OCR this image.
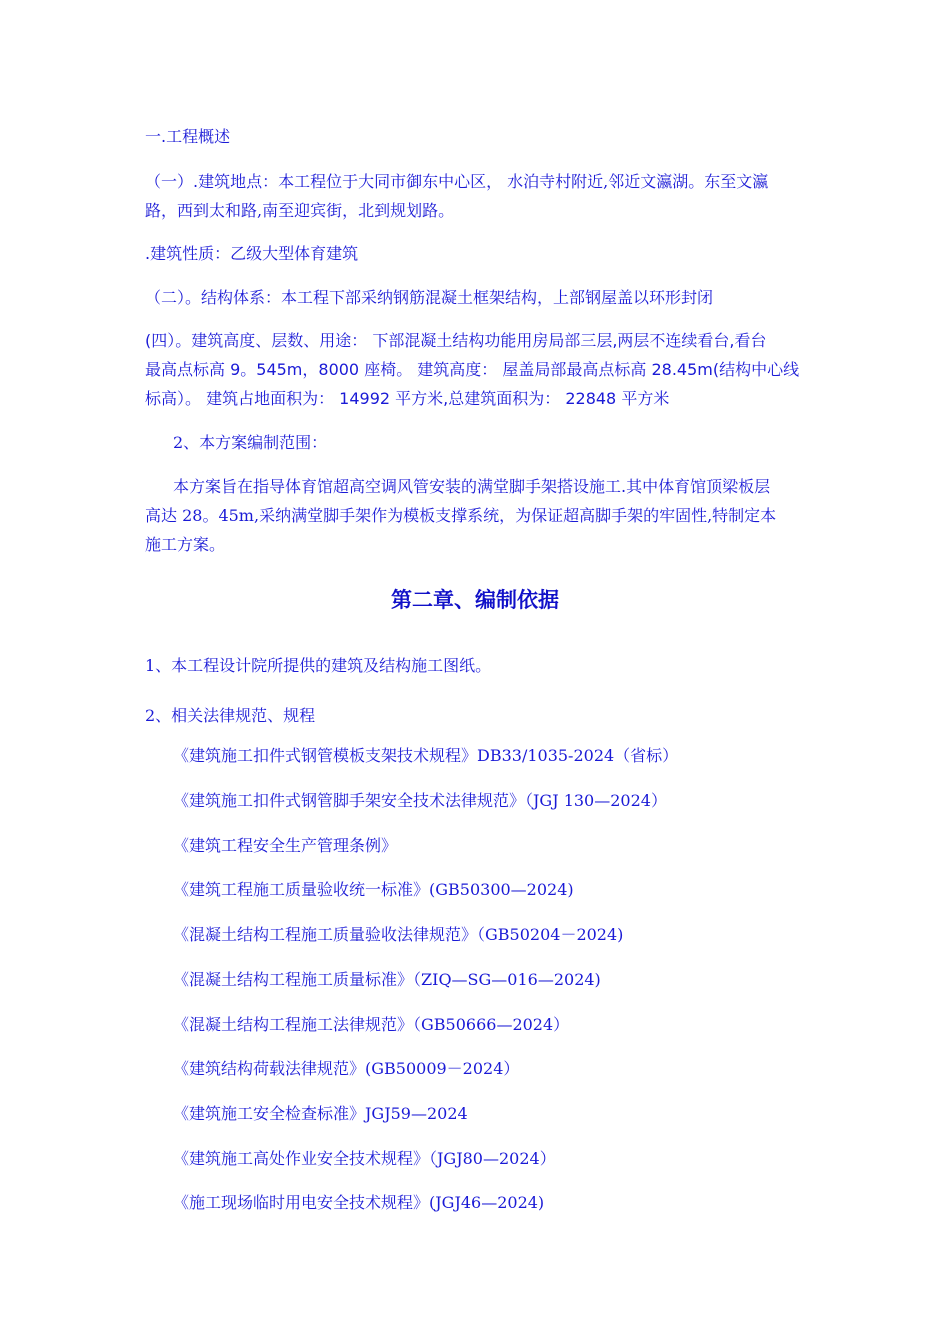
一.工程概述
（一）.建筑地点：本工程位于大同市御东中心区， 水泊寺村附近,邻近文瀛湖。东至文瀛
路，西到太和路,南至迎宾街，北到规划路。
.建筑性质：乙级大型体育建筑
（二）。结构体系：本工程下部采纳钢筋混凝土框架结构，上部钢屋盖以环形封闭
(四）。建筑高度、层数、用途： 下部混凝土结构功能用房局部三层,两层不连续看台,看台
最高点标高 9。545m，8000 座椅。 建筑高度： 屋盖局部最高点标高 28.45m(结构中心线
标高）。 建筑占地面积为： 14992 平方米,总建筑面积为： 22848 平方米
2、本方案编制范围：
本方案旨在指导体育馆超高空调风管安装的满堂脚手架搭设施工.其中体育馆顶梁板层
高达 28。45m,采纳满堂脚手架作为模板支撑系统，为保证超高脚手架的牢固性,特制定本
施工方案。
第二章、编制依据
1、本工程设计院所提供的建筑及结构施工图纸。
2、相关法律规范、规程
《建筑施工扣件式钢管模板支架技术规程》DB33/1035-2024（省标）
《建筑施工扣件式钢管脚手架安全技术法律规范》（JGJ 130—2024）
《建筑工程安全生产管理条例》
《建筑工程施工质量验收统一标准》(GB50300—2024)
《混凝土结构工程施工质量验收法律规范》（GB50204－2024)
《混凝土结构工程施工质量标准》（ZIQ—SG—016—2024)
《混凝土结构工程施工法律规范》（GB50666—2024）
《建筑结构荷载法律规范》(GB50009－2024）
《建筑施工安全检查标准》JGJ59—2024
《建筑施工高处作业安全技术规程》（JGJ80—2024）
《施工现场临时用电安全技术规程》(JGJ46—2024)
